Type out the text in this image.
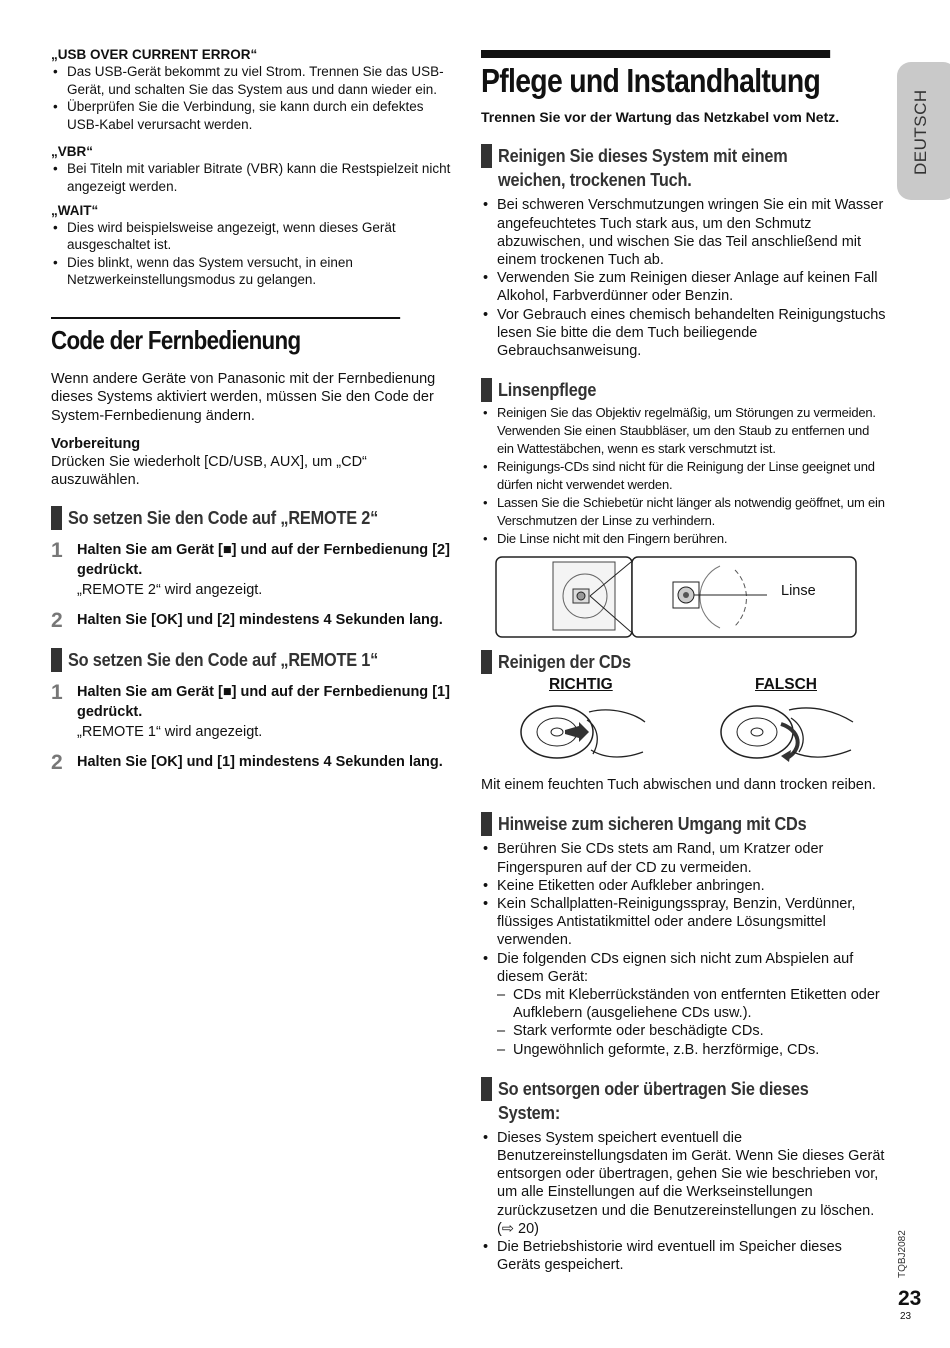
„USB OVER CURRENT ERROR“
• Das USB-Gerät bekommt zu viel Strom. Trennen Sie das USB-Gerät, und schalten Sie das System aus und dann wieder ein.
• Überprüfen Sie die Verbindung, sie kann durch ein defektes USB-Kabel verursacht werden.
„VBR“
• Bei Titeln mit variabler Bitrate (VBR) kann die Restspielzeit nicht angezeigt werden.
„WAIT“
• Dies wird beispielsweise angezeigt, wenn dieses Gerät ausgeschaltet ist.
• Dies blinkt, wenn das System versucht, in einen Netzwerkeinstellungsmodus zu gelangen.
Code der Fernbedienung
Wenn andere Geräte von Panasonic mit der Fernbedienung dieses Systems aktiviert werden, müssen Sie den Code der System-Fernbedienung ändern.
Vorbereitung
Drücken Sie wiederholt [CD/USB, AUX], um „CD“ auszuwählen.
So setzen Sie den Code auf „REMOTE 2“
1 Halten Sie am Gerät [■] und auf der Fernbedienung [2] gedrückt.
„REMOTE 2“ wird angezeigt.
2 Halten Sie [OK] und [2] mindestens 4 Sekunden lang.
So setzen Sie den Code auf „REMOTE 1“
1 Halten Sie am Gerät [■] und auf der Fernbedienung [1] gedrückt.
„REMOTE 1“ wird angezeigt.
2 Halten Sie [OK] und [1] mindestens 4 Sekunden lang.
Pflege und Instandhaltung
Trennen Sie vor der Wartung das Netzkabel vom Netz.
Reinigen Sie dieses System mit einem
weichen, trockenen Tuch.
• Bei schweren Verschmutzungen wringen Sie ein mit Wasser angefeuchtetes Tuch stark aus, um den Schmutz abzuwischen, und wischen Sie das Teil anschließend mit einem trockenen Tuch ab.
• Verwenden Sie zum Reinigen dieser Anlage auf keinen Fall Alkohol, Farbverdünner oder Benzin.
• Vor Gebrauch eines chemisch behandelten Reinigungstuchs lesen Sie bitte die dem Tuch beiliegende Gebrauchsanweisung.
Linsenpflege
• Reinigen Sie das Objektiv regelmäßig, um Störungen zu vermeiden. Verwenden Sie einen Staubbläser, um den Staub zu entfernen und ein Wattestäbchen, wenn es stark verschmutzt ist.
• Reinigungs-CDs sind nicht für die Reinigung der Linse geeignet und dürfen nicht verwendet werden.
• Lassen Sie die Schiebetür nicht länger als notwendig geöffnet, um ein Verschmutzen der Linse zu verhindern.
• Die Linse nicht mit den Fingern berühren.
Linse
Reinigen der CDs
RICHTIG	FALSCH
Mit einem feuchten Tuch abwischen und dann trocken reiben.
Hinweise zum sicheren Umgang mit CDs
• Berühren Sie CDs stets am Rand, um Kratzer oder Fingerspuren auf der CD zu vermeiden.
• Keine Etiketten oder Aufkleber anbringen.
• Kein Schallplatten-Reinigungsspray, Benzin, Verdünner, flüssiges Antistatikmittel oder andere Lösungsmittel verwenden.
• Die folgenden CDs eignen sich nicht zum Abspielen auf diesem Gerät:
– CDs mit Kleberrückständen von entfernten Etiketten oder Aufklebern (ausgeliehene CDs usw.).
– Stark verformte oder beschädigte CDs.
– Ungewöhnlich geformte, z.B. herzförmige, CDs.
So entsorgen oder übertragen Sie dieses
System:
• Dieses System speichert eventuell die Benutzereinstellungsdaten im Gerät. Wenn Sie dieses Gerät entsorgen oder übertragen, gehen Sie wie beschrieben vor, um alle Einstellungen auf die Werkseinstellungen zurückzusetzen und die Benutzereinstellungen zu löschen. (⇨ 20)
• Die Betriebshistorie wird eventuell im Speicher dieses Geräts gespeichert.
DEUTSCH
TQBJ2082
23
23
